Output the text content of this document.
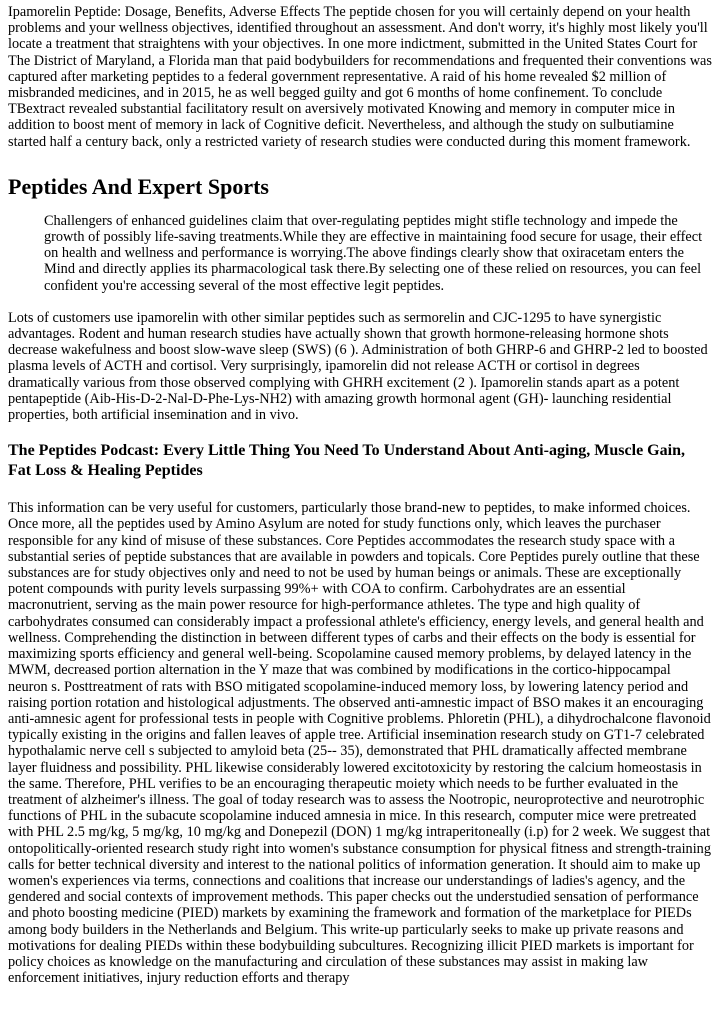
Ipamorelin Peptide: Dosage, Benefits, Adverse Effects The peptide chosen for you will certainly depend on your health problems and your wellness objectives, identified throughout an assessment. And don't worry, it's highly most likely you'll locate a treatment that straightens with your objectives. In one more indictment, submitted in the United States Court for The District of Maryland, a Florida man that paid bodybuilders for recommendations and frequented their conventions was captured after marketing peptides to a federal government representative. A raid of his home revealed $2 million of misbranded medicines, and in 2015, he as well begged guilty and got 6 months of home confinement. To conclude TBextract revealed substantial facilitatory result on aversively motivated Knowing and memory in computer mice in addition to boost ment of memory in lack of Cognitive deficit. Nevertheless, and although the study on sulbutiamine started half a century back, only a restricted variety of research studies were conducted during this moment framework.

Peptides And Expert Sports

Challengers of enhanced guidelines claim that over-regulating peptides might stifle technology and impede the growth of possibly life-saving treatments.While they are effective in maintaining food secure for usage, their effect on health and wellness and performance is worrying.The above findings clearly show that oxiracetam enters the Mind and directly applies its pharmacological task there.By selecting one of these relied on resources, you can feel confident you're accessing several of the most effective legit peptides.

Lots of customers use ipamorelin with other similar peptides such as sermorelin and CJC-1295 to have synergistic advantages. Rodent and human research studies have actually shown that growth hormone-releasing hormone shots decrease wakefulness and boost slow-wave sleep (SWS) (6 ). Administration of both GHRP-6 and GHRP-2 led to boosted plasma levels of ACTH and cortisol. Very surprisingly, ipamorelin did not release ACTH or cortisol in degrees dramatically various from those observed complying with GHRH excitement (2 ). Ipamorelin stands apart as a potent pentapeptide (Aib-His-D-2-Nal-D-Phe-Lys-NH2) with amazing growth hormonal agent (GH)- launching residential properties, both artificial insemination and in vivo.

The Peptides Podcast: Every Little Thing You Need To Understand About Anti-aging, Muscle Gain, Fat Loss & Healing Peptides

This information can be very useful for customers, particularly those brand-new to peptides, to make informed choices. Once more, all the peptides used by Amino Asylum are noted for study functions only, which leaves the purchaser responsible for any kind of misuse of these substances. Core Peptides accommodates the research study space with a substantial series of peptide substances that are available in powders and topicals. Core Peptides purely outline that these substances are for study objectives only and need to not be used by human beings or animals. These are exceptionally potent compounds with purity levels surpassing 99%+ with COA to confirm. Carbohydrates are an essential macronutrient, serving as the main power resource for high-performance athletes. The type and high quality of carbohydrates consumed can considerably impact a professional athlete's efficiency, energy levels, and general health and wellness. Comprehending the distinction in between different types of carbs and their effects on the body is essential for maximizing sports efficiency and general well-being. Scopolamine caused memory problems, by delayed latency in the MWM, decreased portion alternation in the Y maze that was combined by modifications in the cortico-hippocampal neuron s. Posttreatment of rats with BSO mitigated scopolamine-induced memory loss, by lowering latency period and raising portion rotation and histological adjustments. The observed anti-amnestic impact of BSO makes it an encouraging anti-amnesic agent for professional tests in people with Cognitive problems. Phloretin (PHL), a dihydrochalcone flavonoid typically existing in the origins and fallen leaves of apple tree. Artificial insemination research study on GT1-7 celebrated hypothalamic nerve cell s subjected to amyloid beta (25-- 35), demonstrated that PHL dramatically affected membrane layer fluidness and possibility. PHL likewise considerably lowered excitotoxicity by restoring the calcium homeostasis in the same. Therefore, PHL verifies to be an encouraging therapeutic moiety which needs to be further evaluated in the treatment of alzheimer's illness. The goal of today research was to assess the Nootropic, neuroprotective and neurotrophic functions of PHL in the subacute scopolamine induced amnesia in mice. In this research, computer mice were pretreated with PHL 2.5 mg/kg, 5 mg/kg, 10 mg/kg and Donepezil (DON) 1 mg/kg intraperitoneally (i.p) for 2 week. We suggest that ontopolitically-oriented research study right into women's substance consumption for physical fitness and strength-training calls for better technical diversity and interest to the national politics of information generation. It should aim to make up women's experiences via terms, connections and coalitions that increase our understandings of ladies's agency, and the gendered and social contexts of improvement methods. This paper checks out the understudied sensation of performance and photo boosting medicine (PIED) markets by examining the framework and formation of the marketplace for PIEDs among body builders in the Netherlands and Belgium. This write-up particularly seeks to make up private reasons and motivations for dealing PIEDs within these bodybuilding subcultures. Recognizing illicit PIED markets is important for policy choices as knowledge on the manufacturing and circulation of these substances may assist in making law enforcement initiatives, injury reduction efforts and therapy
